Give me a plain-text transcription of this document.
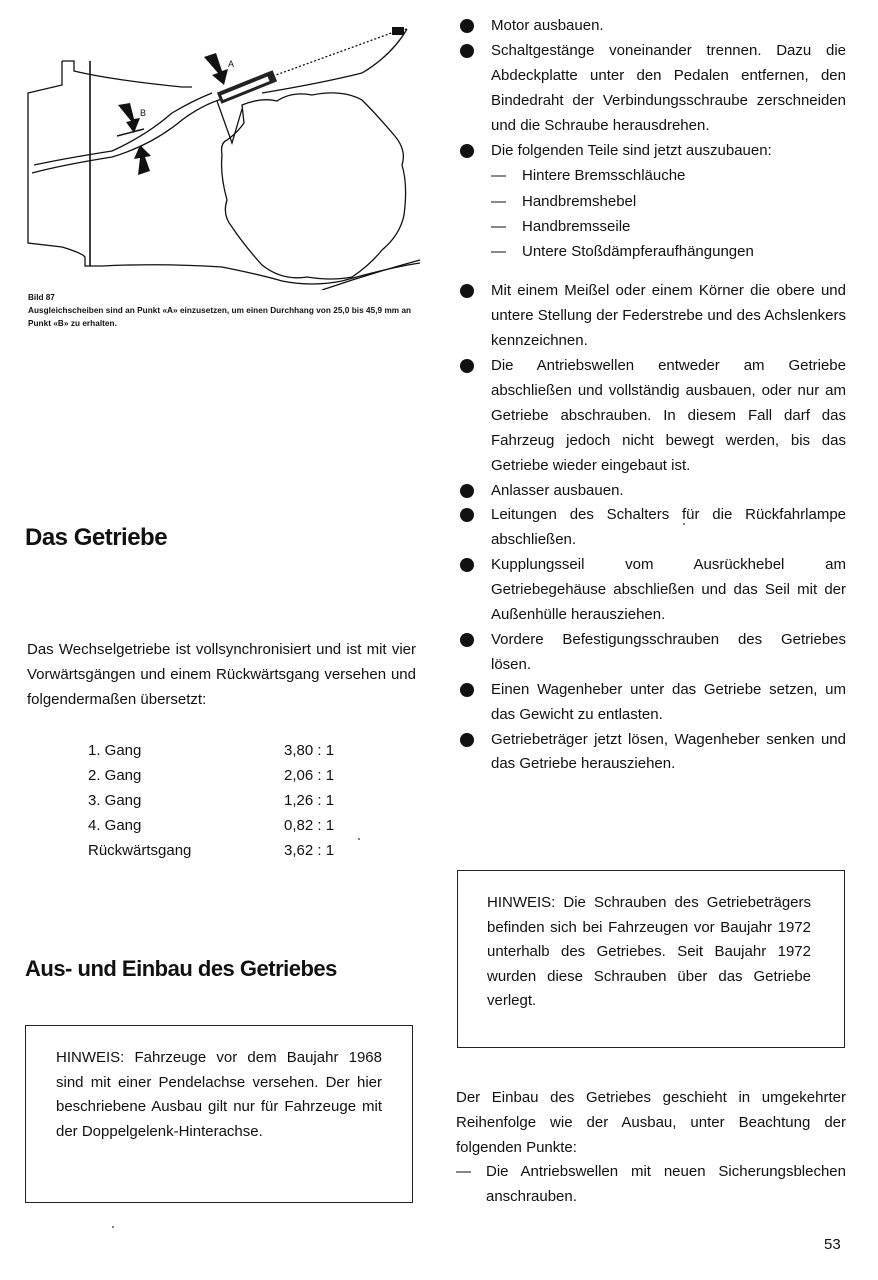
A
B
Bild 87
Ausgleichscheiben sind an Punkt «A» einzusetzen, um einen Durchhang von 25,0 bis 45,9 mm an Punkt «B» zu erhalten.
Das Getriebe
Das Wechselgetriebe ist vollsynchronisiert und ist mit vier Vorwärtsgängen und einem Rückwärtsgang versehen und folgendermaßen übersetzt:
1. Gang	3,80 : 1
2. Gang	2,06 : 1
3. Gang	1,26 : 1
4. Gang	0,82 : 1
Rückwärtsgang	3,62 : 1
Aus- und Einbau des Getriebes
HINWEIS: Fahrzeuge vor dem Baujahr 1968 sind mit einer Pendelachse versehen. Der hier beschriebene Ausbau gilt nur für Fahrzeuge mit der Doppelgelenk-Hinterachse.
Motor ausbauen.
Schaltgestänge voneinander trennen. Dazu die Abdeckplatte unter den Pedalen entfernen, den Bindedraht der Verbindungsschraube zerschneiden und die Schraube herausdrehen.
Die folgenden Teile sind jetzt auszubauen:
— Hintere Bremsschläuche
— Handbremshebel
— Handbremsseile
— Untere Stoßdämpferaufhängungen
Mit einem Meißel oder einem Körner die obere und untere Stellung der Federstrebe und des Achslenkers kennzeichnen.
Die Antriebswellen entweder am Getriebe abschließen und vollständig ausbauen, oder nur am Getriebe abschrauben. In diesem Fall darf das Fahrzeug jedoch nicht bewegt werden, bis das Getriebe wieder eingebaut ist.
Anlasser ausbauen.
Leitungen des Schalters für die Rückfahrlampe abschließen.
Kupplungsseil vom Ausrückhebel am Getriebegehäuse abschließen und das Seil mit der Außenhülle herausziehen.
Vordere Befestigungsschrauben des Getriebes lösen.
Einen Wagenheber unter das Getriebe setzen, um das Gewicht zu entlasten.
Getriebeträger jetzt lösen, Wagenheber senken und das Getriebe herausziehen.
HINWEIS: Die Schrauben des Getriebeträgers befinden sich bei Fahrzeugen vor Baujahr 1972 unterhalb des Getriebes. Seit Baujahr 1972 wurden diese Schrauben über das Getriebe verlegt.
Der Einbau des Getriebes geschieht in umgekehrter Reihenfolge wie der Ausbau, unter Beachtung der folgenden Punkte:
— Die Antriebswellen mit neuen Sicherungsblechen anschrauben.
53
